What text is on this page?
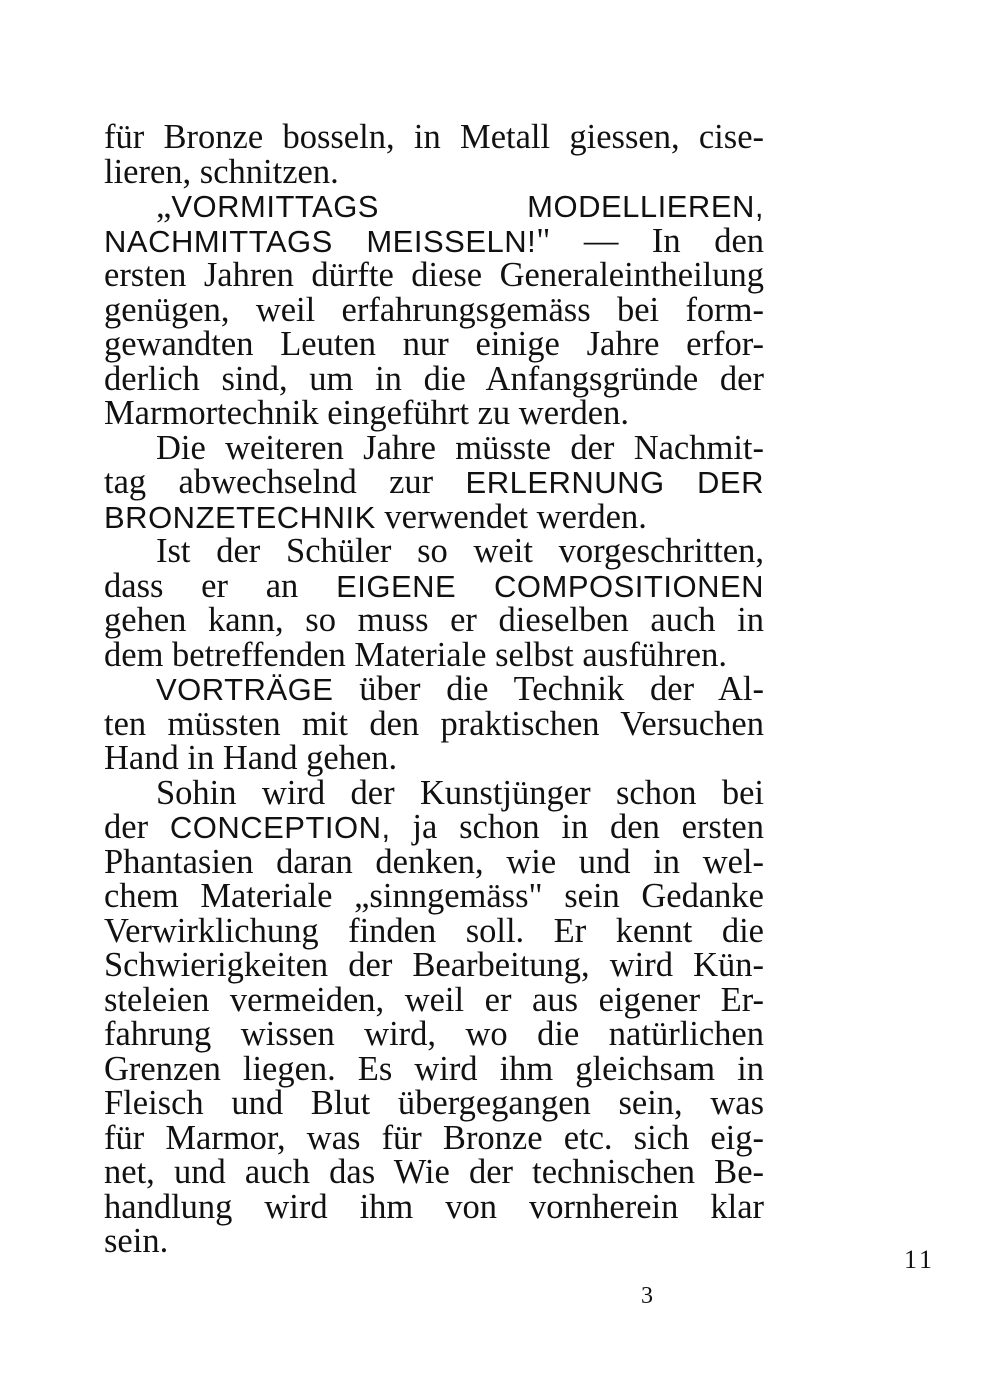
für Bronze bosseln, in Metall giessen, cise-
lieren, schnitzen.
„VORMITTAGS	MODELLIEREN,
NACHMITTAGS MEISSELN!" — In den
ersten Jahren dürfte diese Generaleintheilung
genügen, weil erfahrungsgemäss bei form-
gewandten Leuten nur einige Jahre erfor-
derlich sind, um in die Anfangsgründe der
Marmortechnik eingeführt zu werden.
Die weiteren Jahre müsste der Nachmit-
tag abwechselnd zur ERLERNUNG DER
BRONZETECHNIK verwendet werden.
Ist der Schüler so weit vorgeschritten,
dass er an EIGENE COMPOSITIONEN
gehen kann, so muss er dieselben auch in
dem betreffenden Materiale selbst ausführen.
VORTRÄGE über die Technik der Al-
ten müssten mit den praktischen Versuchen
Hand in Hand gehen.
Sohin wird der Kunstjünger schon bei
der CONCEPTION, ja schon in den ersten
Phantasien daran denken, wie und in wel-
chem Materiale „sinngemäss" sein Gedanke
Verwirklichung finden soll. Er kennt die
Schwierigkeiten der Bearbeitung, wird Kün-
steleien vermeiden, weil er aus eigener Er-
fahrung wissen wird, wo die natürlichen
Grenzen liegen. Es wird ihm gleichsam in
Fleisch und Blut übergegangen sein, was
für Marmor, was für Bronze etc. sich eig-
net, und auch das Wie der technischen Be-
handlung wird ihm von vornherein klar
sein.	11
3
